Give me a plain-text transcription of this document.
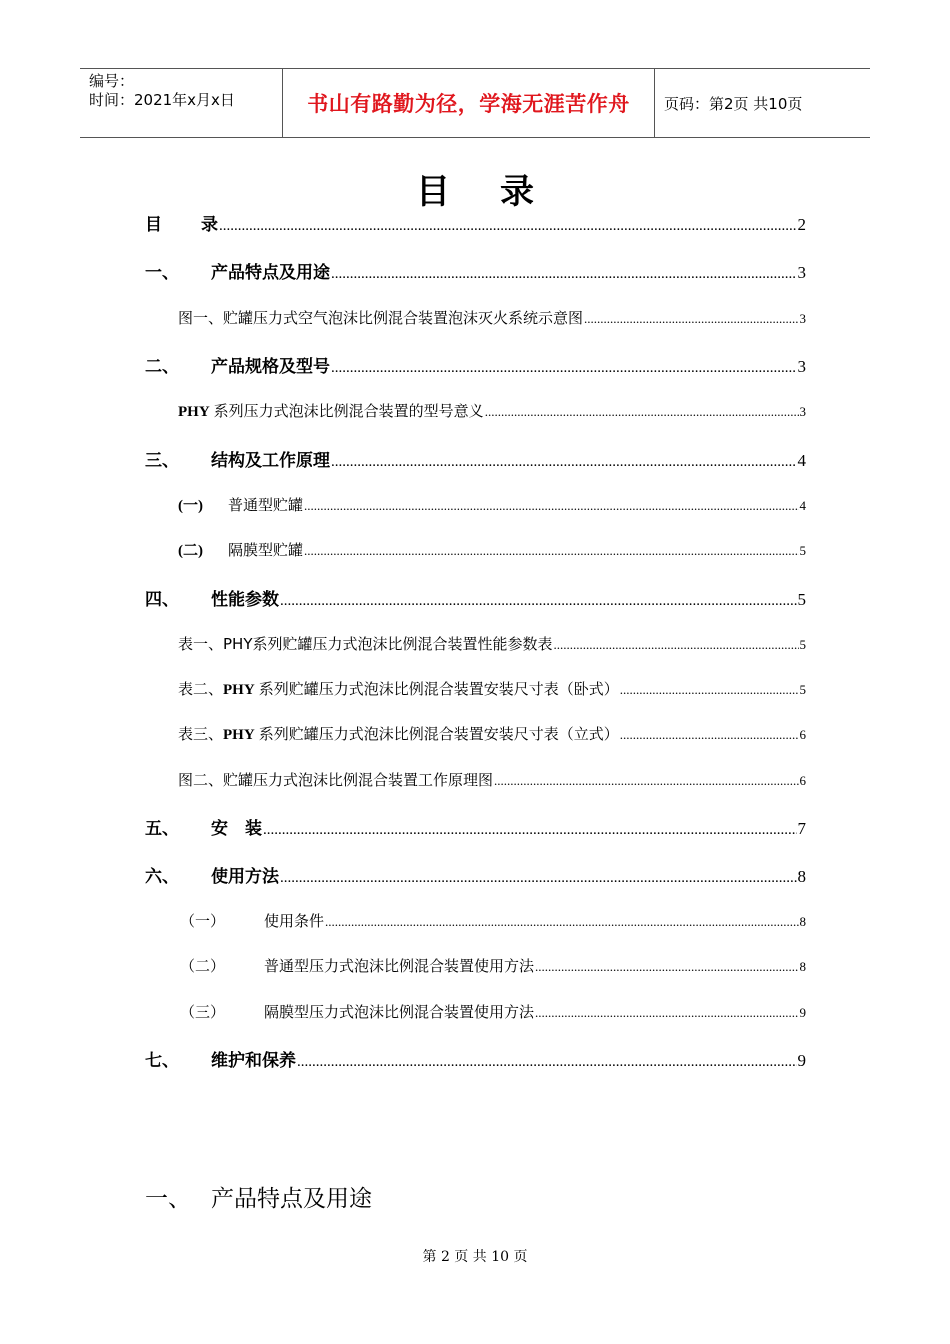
编号：
时间：2021年x月x日	书山有路勤为径，学海无涯苦作舟	页码：第2页 共10页
目录
目	录 .....	2
一、	产品特点及用途 .....	3
图一、贮罐压力式空气泡沫比例混合装置泡沫灭火系统示意图 .....	3
二、	产品规格及型号 .....	3
PHY 系列压力式泡沫比例混合装置的型号意义 .....	3
三、	结构及工作原理 .....	4
(一)	普通型贮罐 .....	4
(二)	隔膜型贮罐 .....	5
四、	性能参数 .....	5
表一、PHY系列贮罐压力式泡沫比例混合装置性能参数表 .....	5
表二、 PHY 系列贮罐压力式泡沫比例混合装置安装尺寸表（卧式） .....	5
表三、 PHY 系列贮罐压力式泡沫比例混合装置安装尺寸表（立式） .....	6
图二、贮罐压力式泡沫比例混合装置工作原理图 .....	6
五、	安　装 .....	7
六、	使用方法 .....	8
（一）	使用条件 .....	8
（二）	普通型压力式泡沫比例混合装置使用方法 .....	8
（三）	隔膜型压力式泡沫比例混合装置使用方法 .....	9
七、	维护和保养 .....	9
一、 产品特点及用途
第 2 页 共 10 页
